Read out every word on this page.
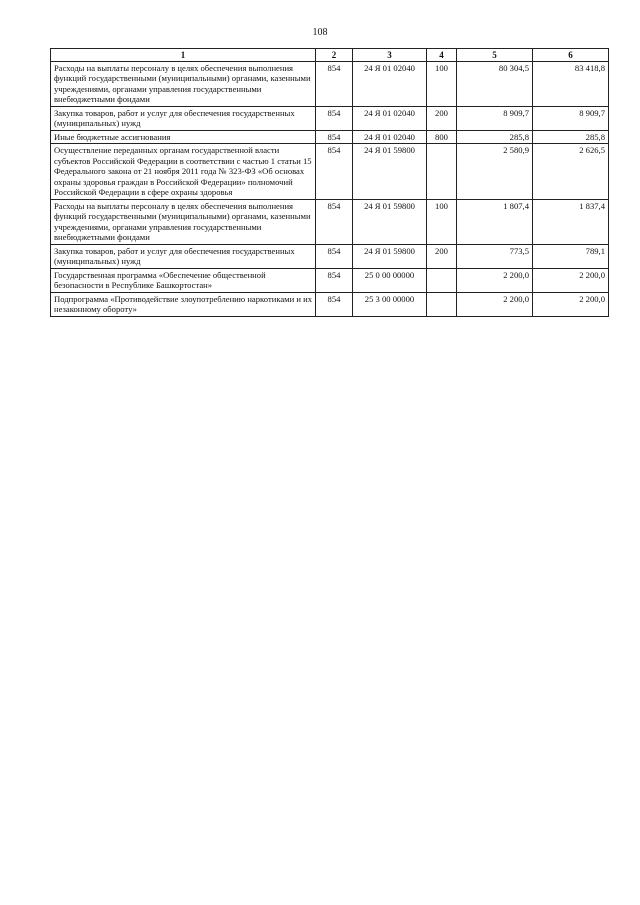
108
1	2	3	4	5	6
Расходы на выплаты персоналу в целях обеспечения выполнения функций государственными (муниципальными) органами, казенными учреждениями, органами управления государственными внебюджетными фондами	854	24 Я 01 02040	100	80 304,5	83 418,8
Закупка товаров, работ и услуг для обеспечения государственных (муниципальных) нужд	854	24 Я 01 02040	200	8 909,7	8 909,7
Иные бюджетные ассигнования	854	24 Я 01 02040	800	285,8	285,8
Осуществление переданных органам государственной власти субъектов Российской Федерации в соответствии с частью 1 статьи 15 Федерального закона от 21 ноября 2011 года № 323-ФЗ «Об основах охраны здоровья граждан в Российской Федерации» полномочий Российской Федерации в сфере охраны здоровья	854	24 Я 01 59800		2 580,9	2 626,5
Расходы на выплаты персоналу в целях обеспечения выполнения функций государственными (муниципальными) органами, казенными учреждениями, органами управления государственными внебюджетными фондами	854	24 Я 01 59800	100	1 807,4	1 837,4
Закупка товаров, работ и услуг для обеспечения государственных (муниципальных) нужд	854	24 Я 01 59800	200	773,5	789,1
Государственная программа «Обеспечение общественной безопасности в Республике Башкортостан»	854	25 0 00 00000		2 200,0	2 200,0
Подпрограмма «Противодействие злоупотреблению наркотиками и их незаконному обороту»	854	25 3 00 00000		2 200,0	2 200,0
